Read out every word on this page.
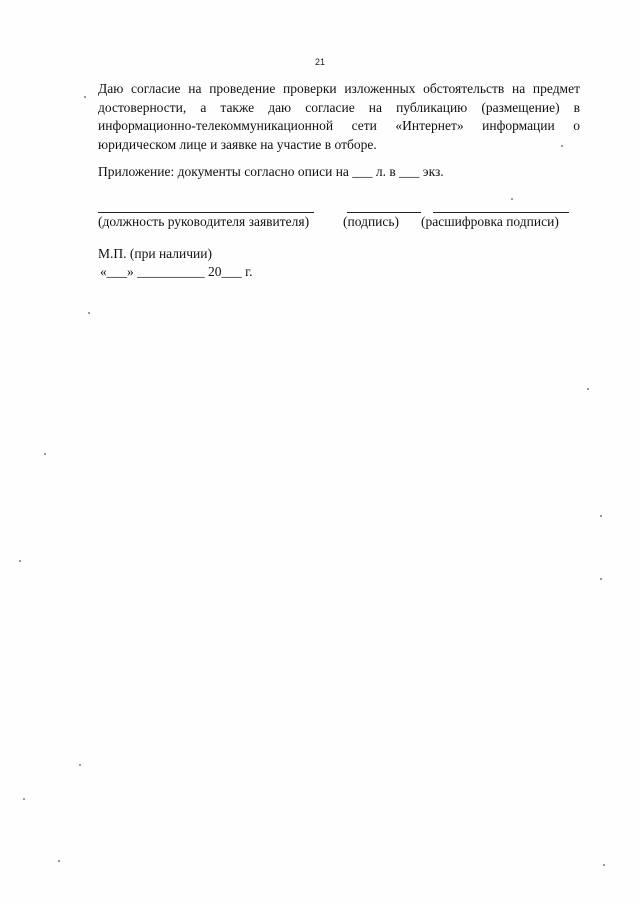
21

Даю согласие на проведение проверки изложенных обстоятельств на предмет достоверности, а также даю согласие на публикацию (размещение) в информационно-телекоммуникационной сети «Интернет» информации о юридическом лице и заявке на участие в отборе.

Приложение: документы согласно описи на ___ л. в ___ экз.
(должность руководителя заявителя)	(подпись) (расшифровка подписи)
М.П. (при наличии)
«___» __________ 20___ г.
